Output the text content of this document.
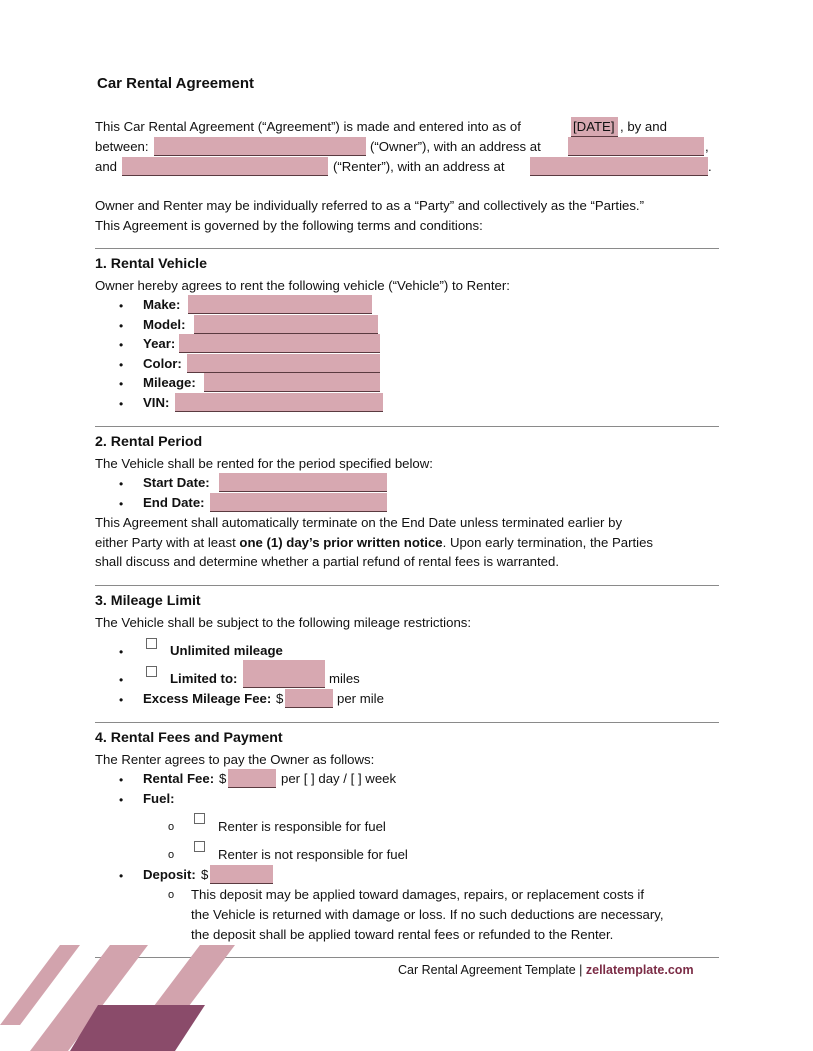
Car Rental Agreement
This Car Rental Agreement (“Agreement”) is made and entered into as of	[DATE] , by and
between:	(“Owner”), with an address at	,
and	(“Renter”), with an address at	.
Owner and Renter may be individually referred to as a “Party” and collectively as the “Parties.”
This Agreement is governed by the following terms and conditions:
1. Rental Vehicle
Owner hereby agrees to rent the following vehicle (“Vehicle”) to Renter:
• Make:
• Model:
• Year:
• Color:
• Mileage:
• VIN:
2. Rental Period
The Vehicle shall be rented for the period specified below:
• Start Date:
• End Date:
This Agreement shall automatically terminate on the End Date unless terminated earlier by
either Party with at least one (1) day’s prior written notice. Upon early termination, the Parties
shall discuss and determine whether a partial refund of rental fees is warranted.
3. Mileage Limit
The Vehicle shall be subject to the following mileage restrictions:
•	Unlimited mileage
•	Limited to:	miles
• Excess Mileage Fee: $	per mile
4. Rental Fees and Payment
The Renter agrees to pay the Owner as follows:
• Rental Fee: $	per [ ] day / [ ] week
• Fuel:
o	Renter is responsible for fuel
o	Renter is not responsible for fuel
• Deposit: $
o This deposit may be applied toward damages, repairs, or replacement costs if
the Vehicle is returned with damage or loss. If no such deductions are necessary,
the deposit shall be applied toward rental fees or refunded to the Renter.
Car Rental Agreement Template | zellatemplate.com
